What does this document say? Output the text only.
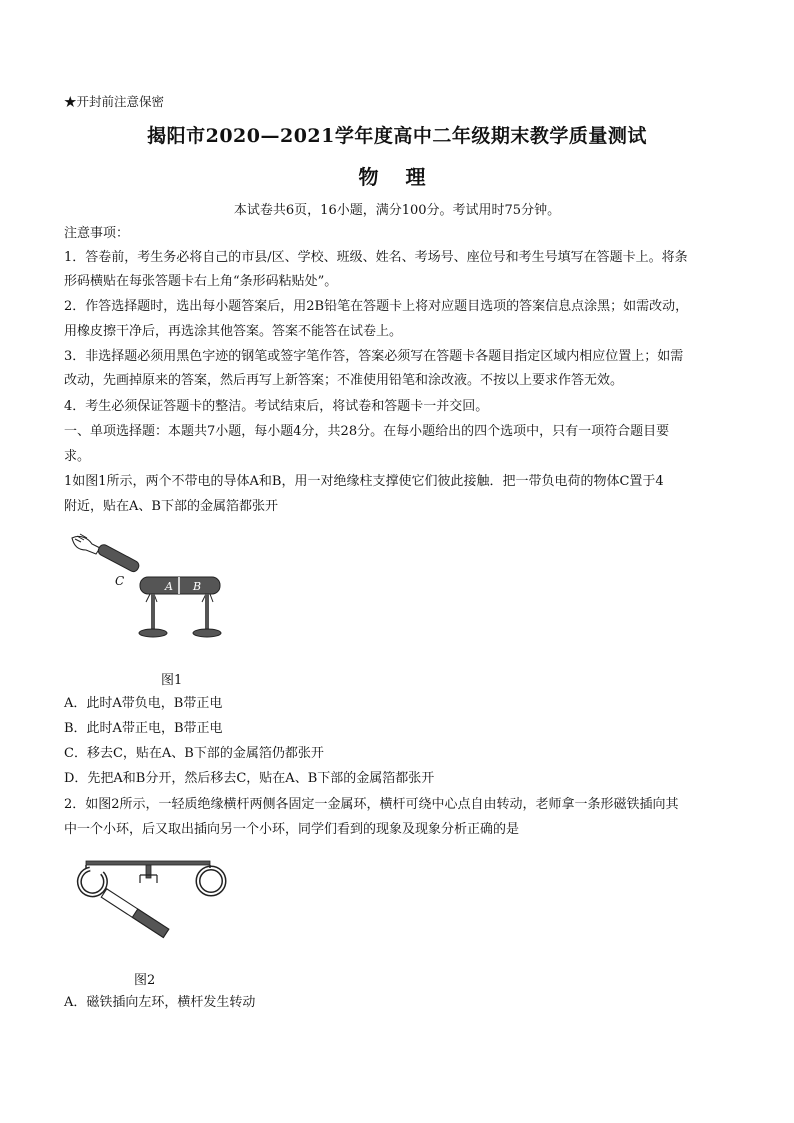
★开封前注意保密
揭阳市2020—2021学年度高中二年级期末教学质量测试
物 理
本试卷共6页，16小题，满分100分。考试用时75分钟。
注意事项：
1．答卷前，考生务必将自己的市县/区、学校、班级、姓名、考场号、座位号和考生号填写在答题卡上。将条
形码横贴在每张答题卡右上角“条形码粘贴处”。
2．作答选择题时，选出每小题答案后，用2B铅笔在答题卡上将对应题目选项的答案信息点涂黑；如需改动，
用橡皮擦干净后，再选涂其他答案。答案不能答在试卷上。
3．非选择题必须用黑色字迹的钢笔或签字笔作答，答案必须写在答题卡各题目指定区域内相应位置上；如需
改动，先画掉原来的答案，然后再写上新答案；不准使用铅笔和涂改液。不按以上要求作答无效。
4．考生必须保证答题卡的整洁。考试结束后，将试卷和答题卡一并交回。
一、单项选择题：本题共7小题，每小题4分，共28分。在每小题给出的四个选项中，只有一项符合题目要
求。
1如图1所示，两个不带电的导体A和B，用一对绝缘柱支撑使它们彼此接触．把一带负电荷的物体C置于4
附近，贴在A、B下部的金属箔都张开
C	A B
图1
A．此时A带负电，B带正电
B．此时A带正电，B带正电
C．移去C，贴在A、B下部的金属箔仍都张开
D．先把A和B分开，然后移去C，贴在A、B下部的金属箔都张开
2．如图2所示，一轻质绝缘横杆两侧各固定一金属环，横杆可绕中心点自由转动，老师拿一条形磁铁插向其
中一个小环，后又取出插向另一个小环，同学们看到的现象及现象分析正确的是
图2
A．磁铁插向左环，横杆发生转动
